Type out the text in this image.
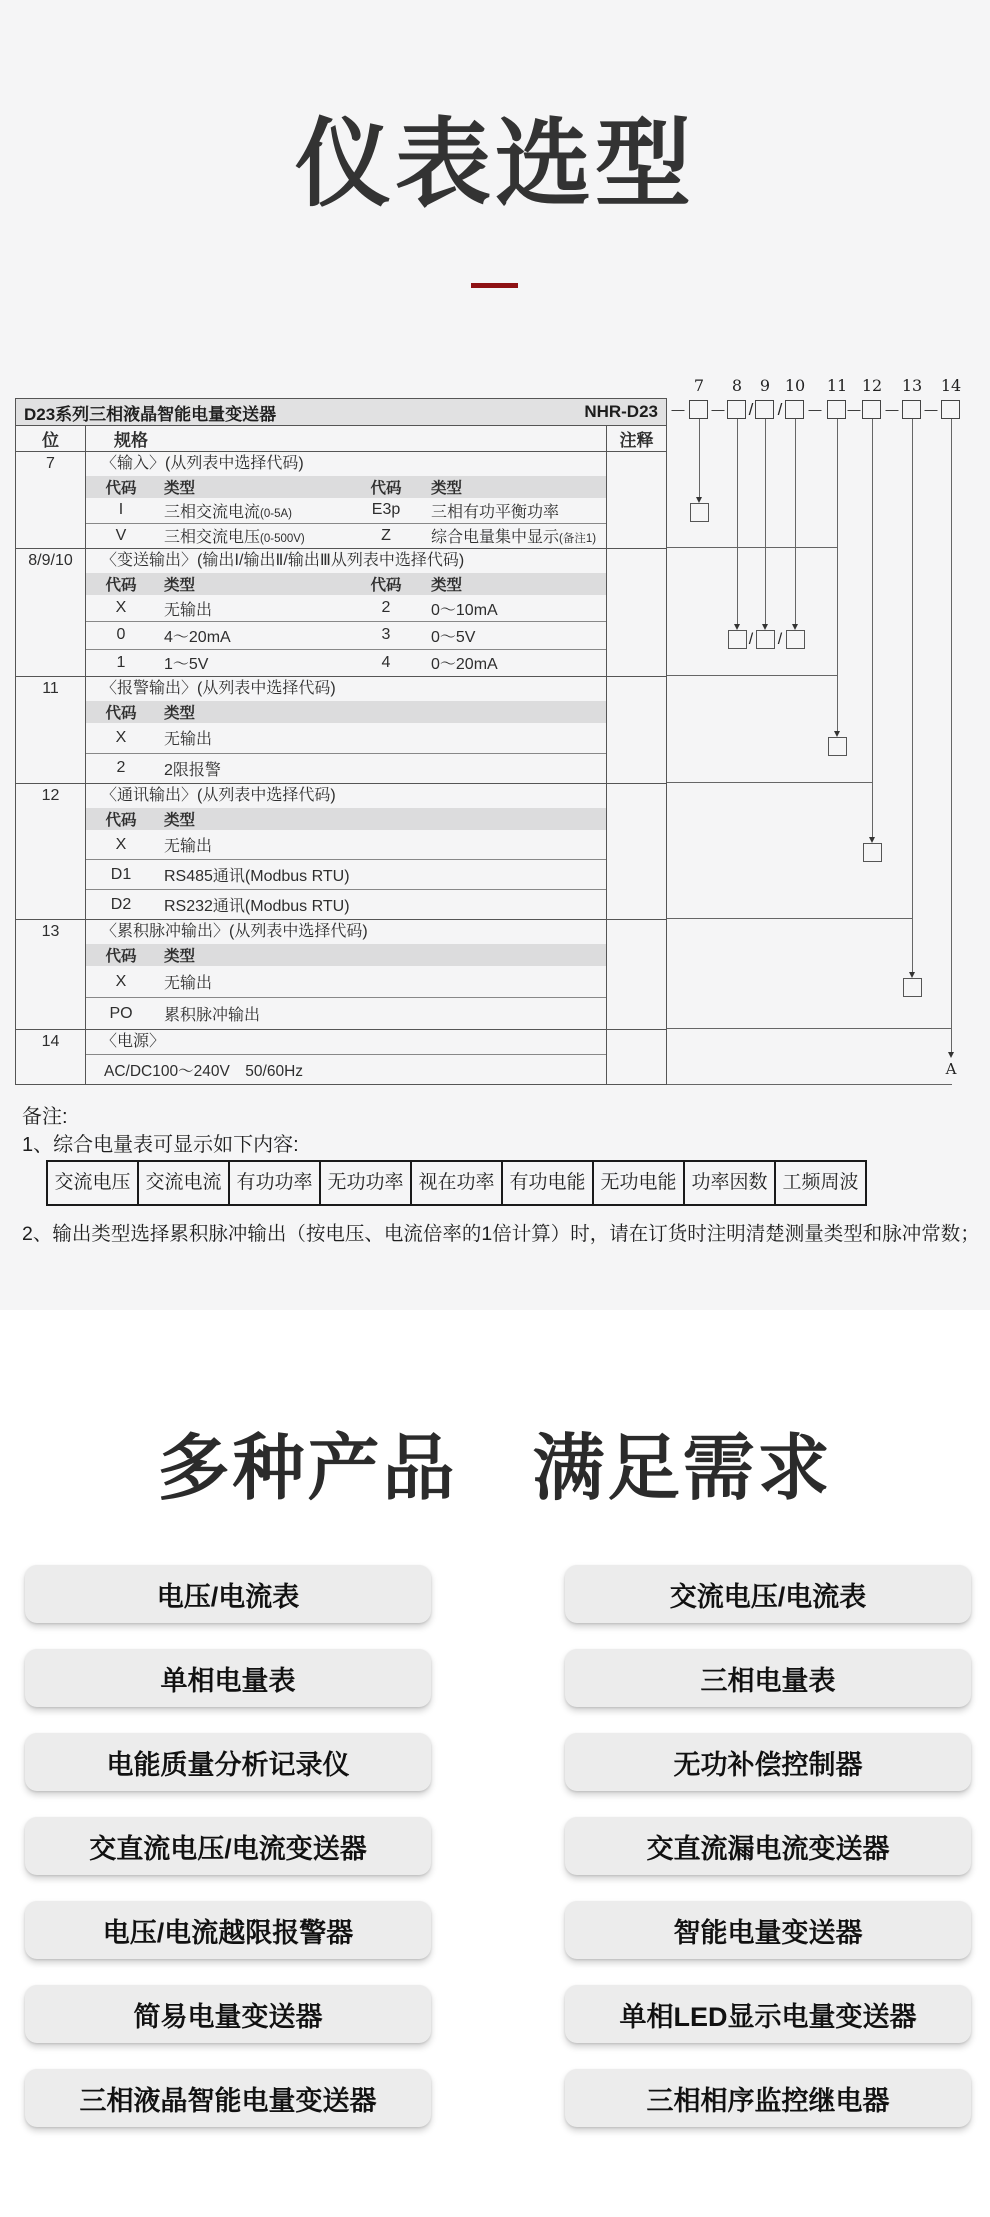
仪表选型
D23系列三相液晶智能电量变送器	NHR-D23
位	规格	注释
7	〈输入〉(从列表中选择代码)
代码	类型	代码	类型
I	三相交流电流(0-5A)	E3p	三相有功平衡功率
V	三相交流电压(0-500V)	Z	综合电量集中显示(备注1)
8/9/10	〈变送输出〉(输出Ⅰ/输出Ⅱ/输出Ⅲ从列表中选择代码)
代码	类型	代码	类型
X	无输出	2	0～10mA
0	4～20mA	3	0～5V
1	1～5V	4	0～20mA
11	〈报警输出〉(从列表中选择代码)
代码	类型
X	无输出
2	2限报警
12	〈通讯输出〉(从列表中选择代码)
代码	类型
X	无输出
D1	RS485通讯(Modbus RTU)
D2	RS232通讯(Modbus RTU)
13	〈累积脉冲输出〉(从列表中选择代码)
代码	类型
X	无输出
PO	累积脉冲输出
14	〈电源〉
AC/DC100～240V　50/60Hz
7	8	9 10	11 12	13	14
— —	— — — —
/	/
/ /
A
备注:
1、综合电量表可显示如下内容:
交流电压 交流电流 有功功率 无功功率 视在功率 有功电能 无功电能 功率因数 工频周波
2、输出类型选择累积脉冲输出（按电压、电流倍率的1倍计算）时，请在订货时注明清楚测量类型和脉冲常数；
多种产品　满足需求
电压/电流表
单相电量表
电能质量分析记录仪
交直流电压/电流变送器
电压/电流越限报警器
简易电量变送器
三相液晶智能电量变送器
交流电压/电流表
三相电量表
无功补偿控制器
交直流漏电流变送器
智能电量变送器
单相LED显示电量变送器
三相相序监控继电器
